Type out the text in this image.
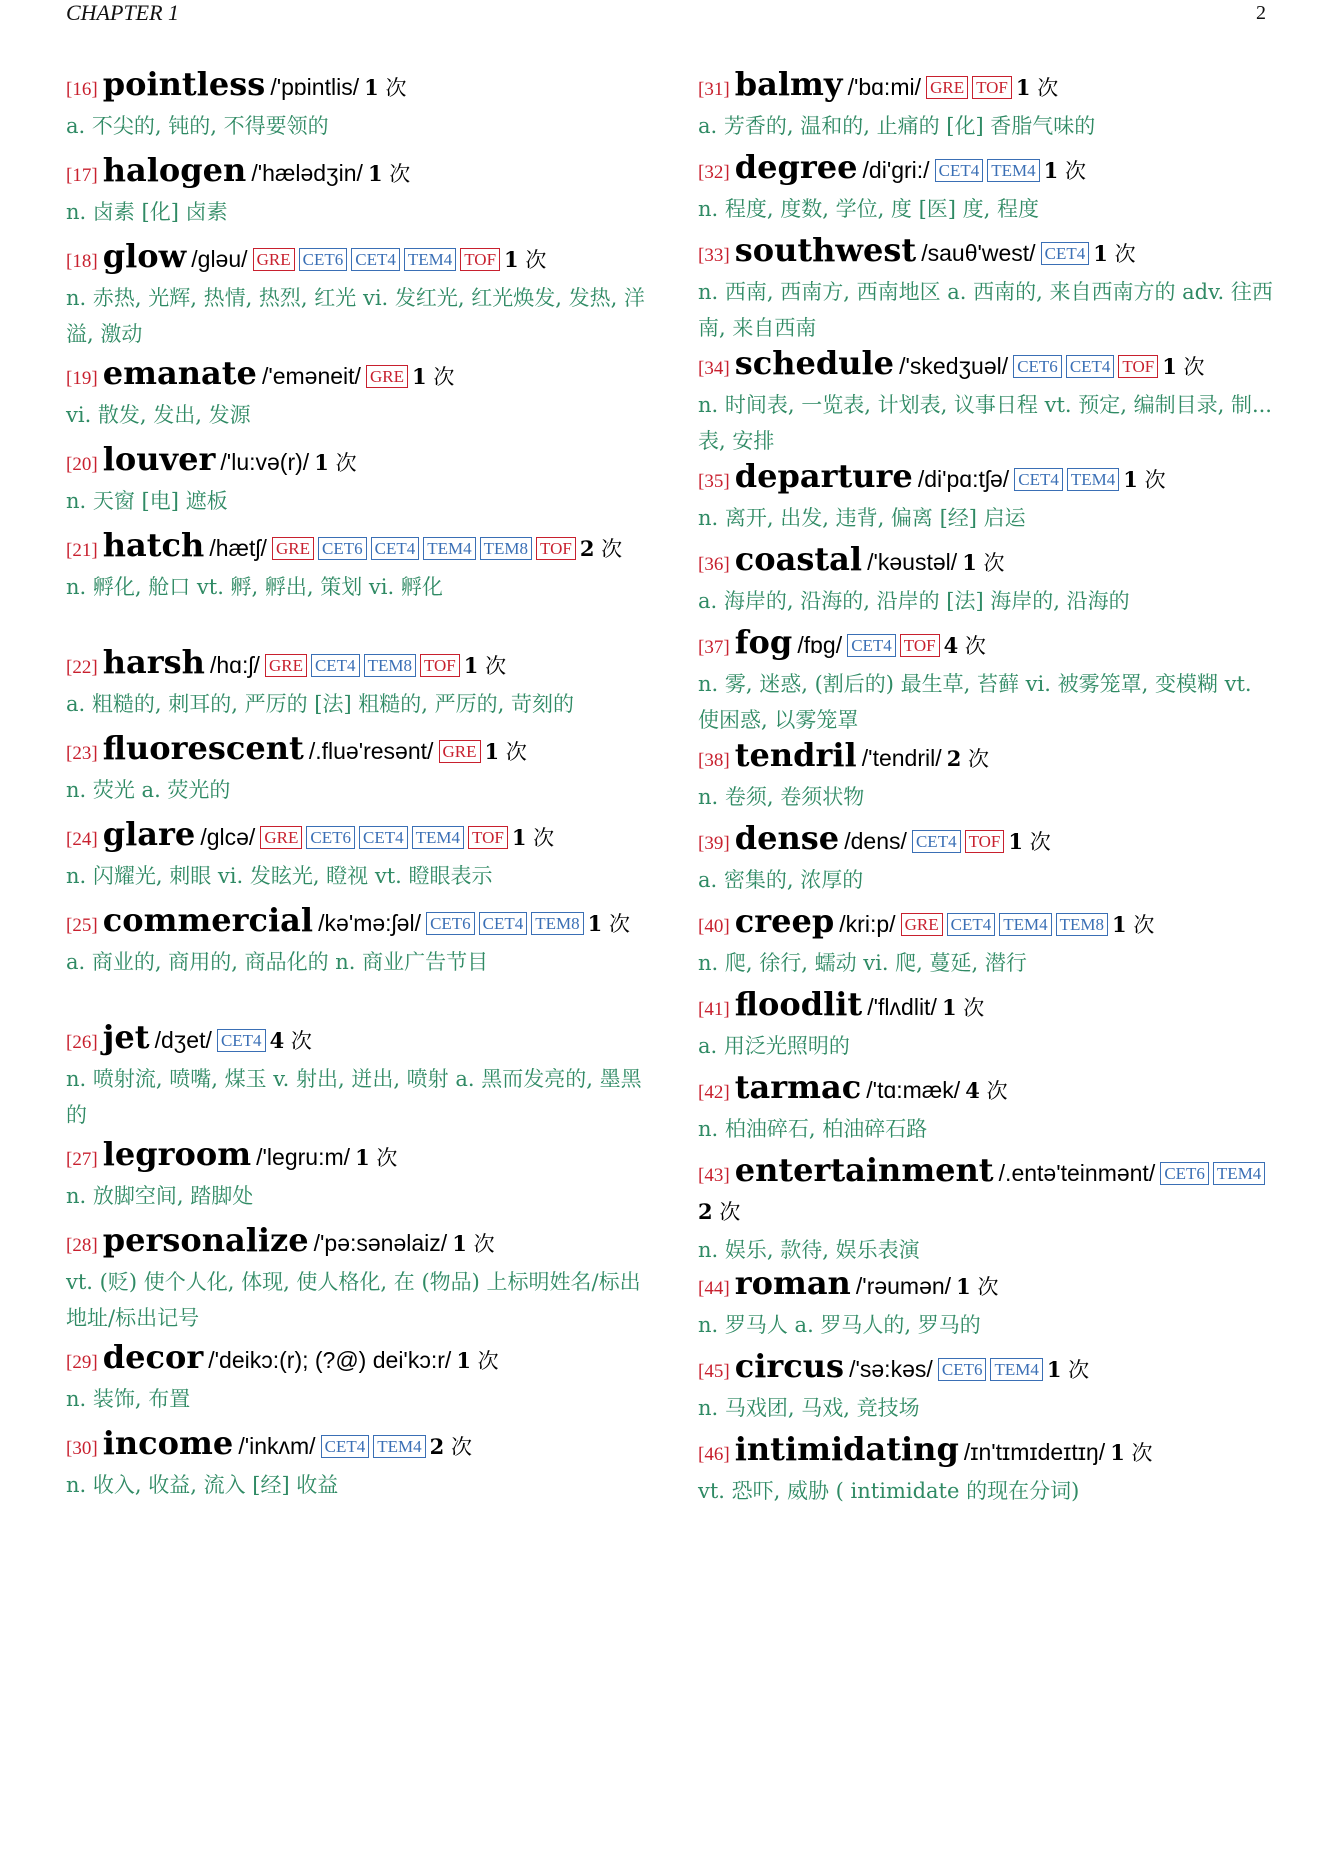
CHAPTER 1	2
[16] pointless /'pɒintlis/ 1 次
a. 不尖的, 钝的, 不得要领的
[17] halogen /'hælədʒin/ 1 次
n. 卤素 [化] 卤素
[18] glow /gləu/ GRE CET6 CET4 TEM4 TOF 1 次
n. 赤热, 光辉, 热情, 热烈, 红光 vi. 发红光, 红光焕发, 发热, 洋溢, 激动
[19] emanate /'eməneit/ GRE 1 次
vi. 散发, 发出, 发源
[20] louver /'lu:və(r)/ 1 次
n. 天窗 [电] 遮板
[21] hatch /hætʃ/ GRE CET6 CET4 TEM4 TEM8 TOF 2 次
n. 孵化, 舱口 vt. 孵, 孵出, 策划 vi. 孵化
[22] harsh /hɑ:ʃ/ GRE CET4 TEM8 TOF 1 次
a. 粗糙的, 刺耳的, 严厉的 [法] 粗糙的, 严厉的, 苛刻的
[23] fluorescent /.fluə'resənt/ GRE 1 次
n. 荧光 a. 荧光的
[24] glare /glcə/ GRE CET6 CET4 TEM4 TOF 1 次
n. 闪耀光, 刺眼 vi. 发眩光, 瞪视 vt. 瞪眼表示
[25] commercial /kə'mə:ʃəl/ CET6 CET4 TEM8 1 次
a. 商业的, 商用的, 商品化的 n. 商业广告节目
[26] jet /dʒet/ CET4 4 次
n. 喷射流, 喷嘴, 煤玉 v. 射出, 迸出, 喷射 a. 黑而发亮的, 墨黑的
[27] legroom /'legru:m/ 1 次
n. 放脚空间, 踏脚处
[28] personalize /'pə:sənəlaiz/ 1 次
vt. (贬) 使个人化, 体现, 使人格化, 在 (物品) 上标明姓名/标出地址/标出记号
[29] decor /'deikɔ:(r); (?@) dei'kɔ:r/ 1 次
n. 装饰, 布置
[30] income /'inkʌm/ CET4 TEM4 2 次
n. 收入, 收益, 流入 [经] 收益
[31] balmy /'bɑ:mi/ GRE TOF 1 次
a. 芳香的, 温和的, 止痛的 [化] 香脂气味的
[32] degree /di'gri:/ CET4 TEM4 1 次
n. 程度, 度数, 学位, 度 [医] 度, 程度
[33] southwest /sauθ'west/ CET4 1 次
n. 西南, 西南方, 西南地区 a. 西南的, 来自西南方的 adv. 往西南, 来自西南
[34] schedule /'skedʒuəl/ CET6 CET4 TOF 1 次
n. 时间表, 一览表, 计划表, 议事日程 vt. 预定, 编制目录, 制... 表, 安排
[35] departure /di'pɑ:tʃə/ CET4 TEM4 1 次
n. 离开, 出发, 违背, 偏离 [经] 启运
[36] coastal /'kəustəl/ 1 次
a. 海岸的, 沿海的, 沿岸的 [法] 海岸的, 沿海的
[37] fog /fɒg/ CET4 TOF 4 次
n. 雾, 迷惑, (割后的) 最生草, 苔藓 vi. 被雾笼罩, 变模糊 vt. 使困惑, 以雾笼罩
[38] tendril /'tendril/ 2 次
n. 卷须, 卷须状物
[39] dense /dens/ CET4 TOF 1 次
a. 密集的, 浓厚的
[40] creep /kri:p/ GRE CET4 TEM4 TEM8 1 次
n. 爬, 徐行, 蠕动 vi. 爬, 蔓延, 潜行
[41] floodlit /'flʌdlit/ 1 次
a. 用泛光照明的
[42] tarmac /'tɑ:mæk/ 4 次
n. 柏油碎石, 柏油碎石路
[43] entertainment /.entə'teinmənt/ CET6 TEM42 次
n. 娱乐, 款待, 娱乐表演
[44] roman /'rəumən/ 1 次
n. 罗马人 a. 罗马人的, 罗马的
[45] circus /'sə:kəs/ CET6 TEM4 1 次
n. 马戏团, 马戏, 竞技场
[46] intimidating /ɪn'tɪmɪdeɪtɪŋ/ 1 次
vt. 恐吓, 威胁 ( intimidate 的现在分词)
